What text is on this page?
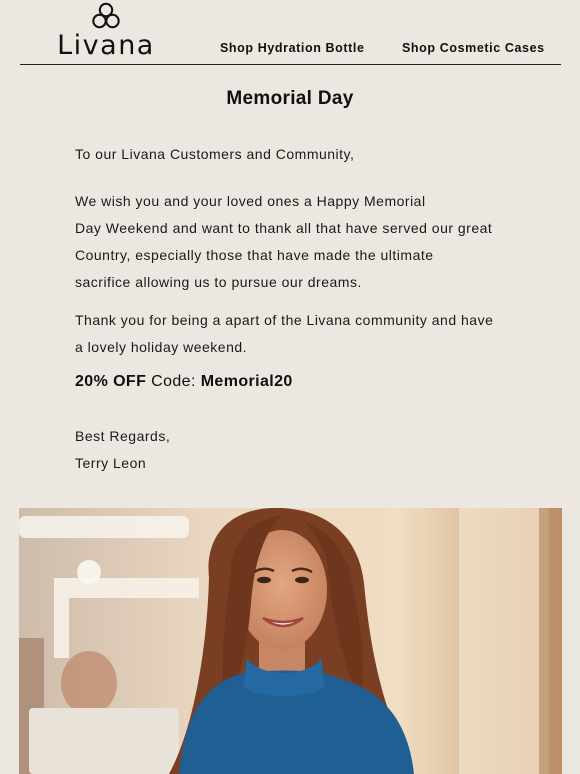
Livana	Shop Hydration Bottle	Shop Cosmetic Cases
Memorial Day
To our Livana Customers and Community,
We wish you and your loved ones a Happy Memorial
Day Weekend and want to thank all that have served our great
Country, especially those that have made the ultimate
sacrifice allowing us to pursue our dreams.
Thank you for being a apart of the Livana community and have
a lovely holiday weekend.
20% OFF Code: Memorial20
Best Regards,
Terry Leon
